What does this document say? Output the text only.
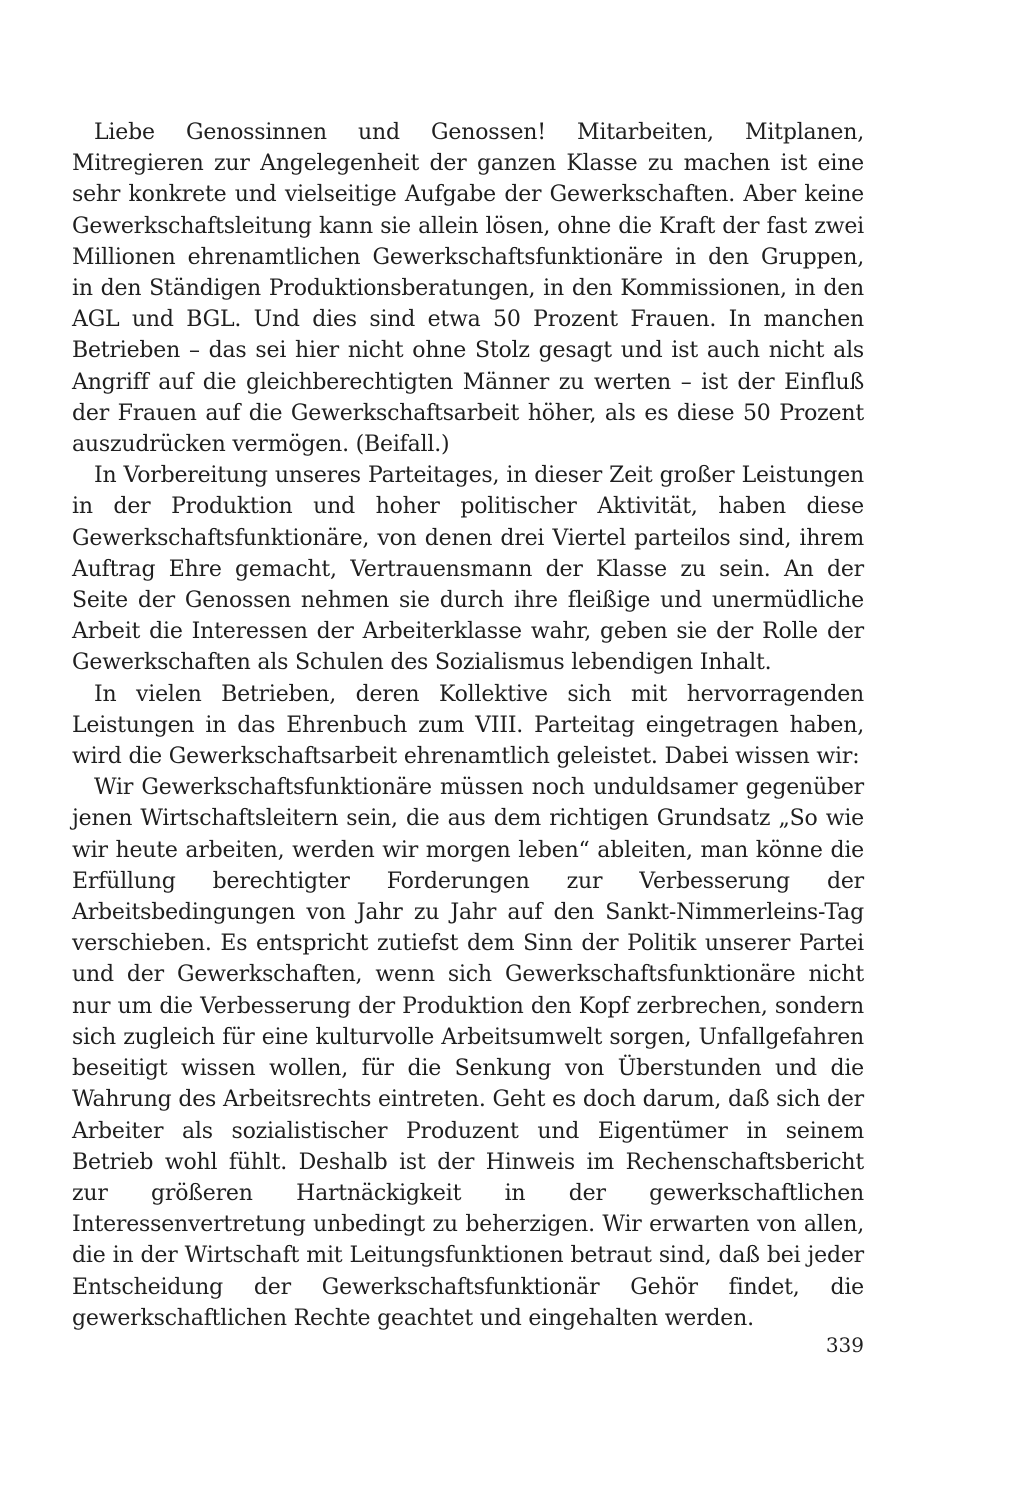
Liebe Genossinnen und Genossen! Mitarbeiten, Mitplanen, Mitregieren zur Angelegenheit der ganzen Klasse zu machen ist eine sehr konkrete und vielseitige Aufgabe der Gewerkschaften. Aber keine Gewerkschaftsleitung kann sie allein lösen, ohne die Kraft der fast zwei Millionen ehrenamtlichen Gewerkschaftsfunktionäre in den Gruppen, in den Ständigen Produktionsberatungen, in den Kommissionen, in den AGL und BGL. Und dies sind etwa 50 Prozent Frauen. In manchen Betrieben – das sei hier nicht ohne Stolz gesagt und ist auch nicht als Angriff auf die gleichberechtigten Männer zu werten – ist der Einfluß der Frauen auf die Gewerkschaftsarbeit höher, als es diese 50 Prozent auszudrücken vermögen. (Beifall.)

In Vorbereitung unseres Parteitages, in dieser Zeit großer Leistungen in der Produktion und hoher politischer Aktivität, haben diese Gewerkschaftsfunktionäre, von denen drei Viertel parteilos sind, ihrem Auftrag Ehre gemacht, Vertrauensmann der Klasse zu sein. An der Seite der Genossen nehmen sie durch ihre fleißige und unermüdliche Arbeit die Interessen der Arbeiterklasse wahr, geben sie der Rolle der Gewerkschaften als Schulen des Sozialismus lebendigen Inhalt.

In vielen Betrieben, deren Kollektive sich mit hervorragenden Leistungen in das Ehrenbuch zum VIII. Parteitag eingetragen haben, wird die Gewerkschaftsarbeit ehrenamtlich geleistet. Dabei wissen wir:

Wir Gewerkschaftsfunktionäre müssen noch unduldsamer gegenüber jenen Wirtschaftsleitern sein, die aus dem richtigen Grundsatz „So wie wir heute arbeiten, werden wir morgen leben“ ableiten, man könne die Erfüllung berechtigter Forderungen zur Verbesserung der Arbeitsbedingungen von Jahr zu Jahr auf den Sankt-Nimmerleins-Tag verschieben. Es entspricht zutiefst dem Sinn der Politik unserer Partei und der Gewerkschaften, wenn sich Gewerkschaftsfunktionäre nicht nur um die Verbesserung der Produktion den Kopf zerbrechen, sondern sich zugleich für eine kulturvolle Arbeitsumwelt sorgen, Unfallgefahren beseitigt wissen wollen, für die Senkung von Überstunden und die Wahrung des Arbeitsrechts eintreten. Geht es doch darum, daß sich der Arbeiter als sozialistischer Produzent und Eigentümer in seinem Betrieb wohl fühlt. Deshalb ist der Hinweis im Rechenschaftsbericht zur größeren Hartnäckigkeit in der gewerkschaftlichen Interessenvertretung unbedingt zu beherzigen. Wir erwarten von allen, die in der Wirtschaft mit Leitungsfunktionen betraut sind, daß bei jeder Entscheidung der Gewerkschaftsfunktionär Gehör findet, die gewerkschaftlichen Rechte geachtet und eingehalten werden.

339
